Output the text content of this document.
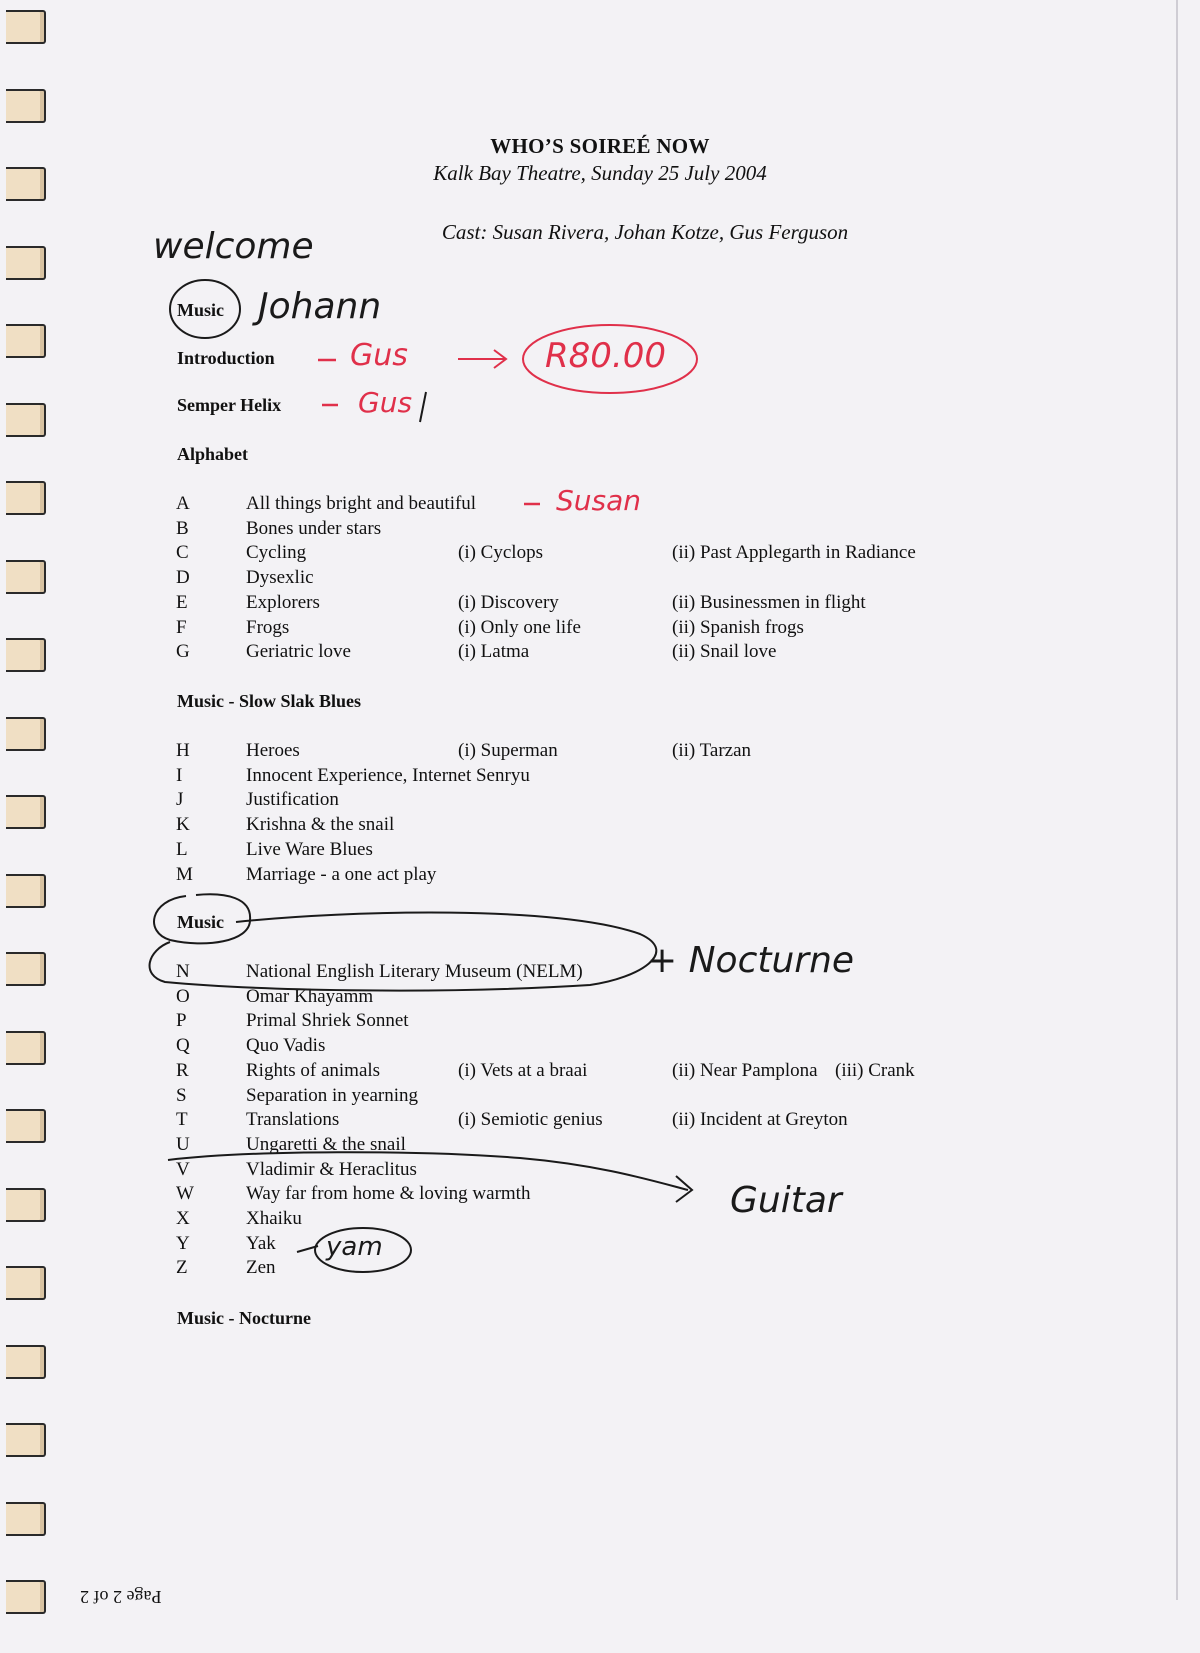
WHO’S SOIREÉ NOW
Kalk Bay Theatre, Sunday 25 July 2004
Cast: Susan Rivera, Johan Kotze, Gus Ferguson
Music
Introduction
Semper Helix
Alphabet
A	All things bright and beautiful
B	Bones under stars
C	Cycling	(i) Cyclops	(ii) Past Applegarth in Radiance
D	Dysexlic
E	Explorers	(i) Discovery	(ii) Businessmen in flight
F	Frogs	(i) Only one life	(ii) Spanish frogs
G	Geriatric love	(i) Latma	(ii) Snail love
Music - Slow Slak Blues
H	Heroes	(i) Superman	(ii) Tarzan
I	Innocent Experience, Internet Senryu
J	Justification
K	Krishna & the snail
L	Live Ware Blues
M	Marriage - a one act play
Music
N	National English Literary Museum (NELM)
O	Omar Khayamm
P	Primal Shriek Sonnet
Q	Quo Vadis
R	Rights of animals	(i) Vets at a braai	(ii) Near Pamplona (iii) Crank
S	Separation in yearning
T	Translations	(i) Semiotic genius	(ii) Incident at Greyton
U	Ungaretti & the snail
V	Vladimir & Heraclitus
W	Way far from home & loving warmth
X	Xhaiku
Y	Yak
Z	Zen
Music - Nocturne
welcome
Johann
Gus	R80.00
Gus
Susan
+ Nocturne
Guitar
yam
Page 2 of 2
